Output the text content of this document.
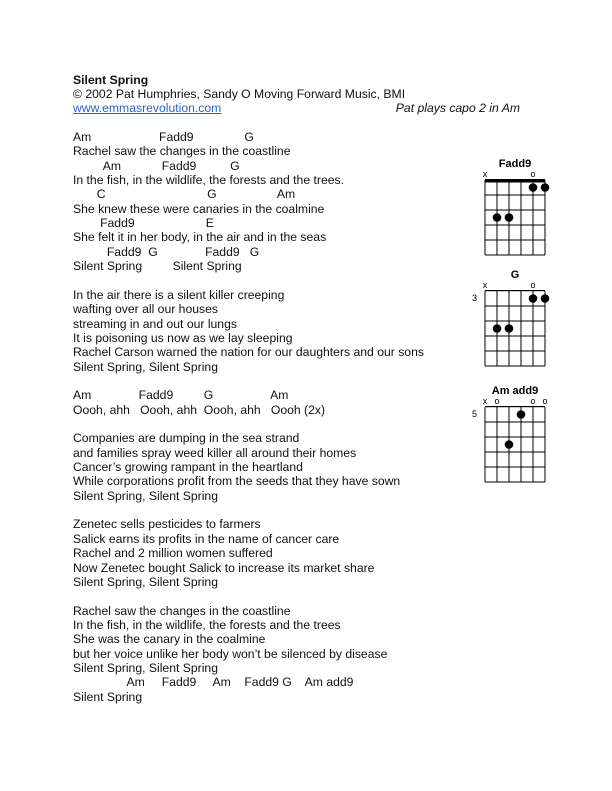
Silent Spring
© 2002 Pat Humphries, Sandy O Moving Forward Music, BMI
www.emmasrevolution.com	Pat plays capo 2 in Am
Am                    Fadd9               G
Rachel saw the changes in the coastline
Am            Fadd9          G
In the fish, in the wildlife, the forests and the trees.
C                              G                  Am
She knew these were canaries in the coalmine
Fadd9                     E
She felt it in her body, in the air and in the seas
Fadd9  G              Fadd9   G
Silent Spring         Silent Spring
In the air there is a silent killer creeping
wafting over all our houses
streaming in and out our lungs
It is poisoning us now as we lay sleeping
Rachel Carson warned the nation for our daughters and our sons
Silent Spring, Silent Spring
Am              Fadd9         G                 Am
Oooh, ahh   Oooh, ahh  Oooh, ahh   Oooh (2x)
Companies are dumping in the sea strand
and families spray weed killer all around their homes
Cancer’s growing rampant in the heartland
While corporations profit from the seeds that they have sown
Silent Spring, Silent Spring
Zenetec sells pesticides to farmers
Salick earns its profits in the name of cancer care
Rachel and 2 million women suffered
Now Zenetec bought Salick to increase its market share
Silent Spring, Silent Spring
Rachel saw the changes in the coastline
In the fish, in the wildlife, the forests and the trees
She was the canary in the coalmine
but her voice unlike her body won’t be silenced by disease
Silent Spring, Silent Spring
Am     Fadd9     Am    Fadd9 G    Am add9
Silent Spring
Fadd9
x	o
G
x	o
3
Am add9
x o	o o
5
